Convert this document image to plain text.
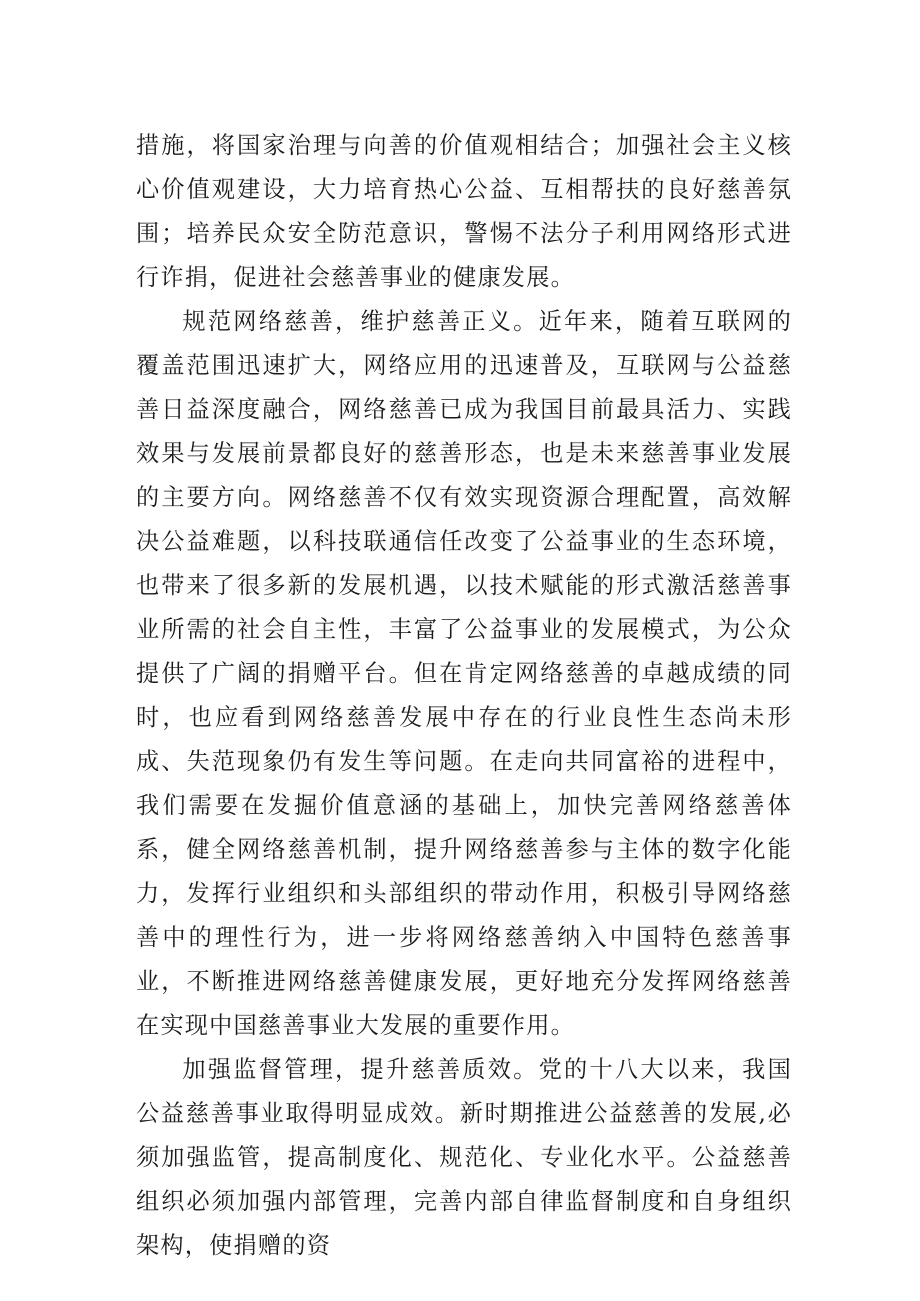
措施，将国家治理与向善的价值观相结合；加强社会主义核心价值观建设，大力培育热心公益、互相帮扶的良好慈善氛围；培养民众安全防范意识，警惕不法分子利用网络形式进行诈捐，促进社会慈善事业的健康发展。

规范网络慈善，维护慈善正义。近年来，随着互联网的覆盖范围迅速扩大，网络应用的迅速普及，互联网与公益慈善日益深度融合，网络慈善已成为我国目前最具活力、实践效果与发展前景都良好的慈善形态，也是未来慈善事业发展的主要方向。网络慈善不仅有效实现资源合理配置，高效解决公益难题，以科技联通信任改变了公益事业的生态环境，也带来了很多新的发展机遇，以技术赋能的形式激活慈善事业所需的社会自主性，丰富了公益事业的发展模式，为公众提供了广阔的捐赠平台。但在肯定网络慈善的卓越成绩的同时，也应看到网络慈善发展中存在的行业良性生态尚未形成、失范现象仍有发生等问题。在走向共同富裕的进程中，我们需要在发掘价值意涵的基础上，加快完善网络慈善体系，健全网络慈善机制，提升网络慈善参与主体的数字化能力，发挥行业组织和头部组织的带动作用，积极引导网络慈善中的理性行为，进一步将网络慈善纳入中国特色慈善事业，不断推进网络慈善健康发展，更好地充分发挥网络慈善在实现中国慈善事业大发展的重要作用。

加强监督管理，提升慈善质效。党的十八大以来，我国公益慈善事业取得明显成效。新时期推进公益慈善的发展,必须加强监管，提高制度化、规范化、专业化水平。公益慈善组织必须加强内部管理，完善内部自律监督制度和自身组织架构，使捐赠的资
